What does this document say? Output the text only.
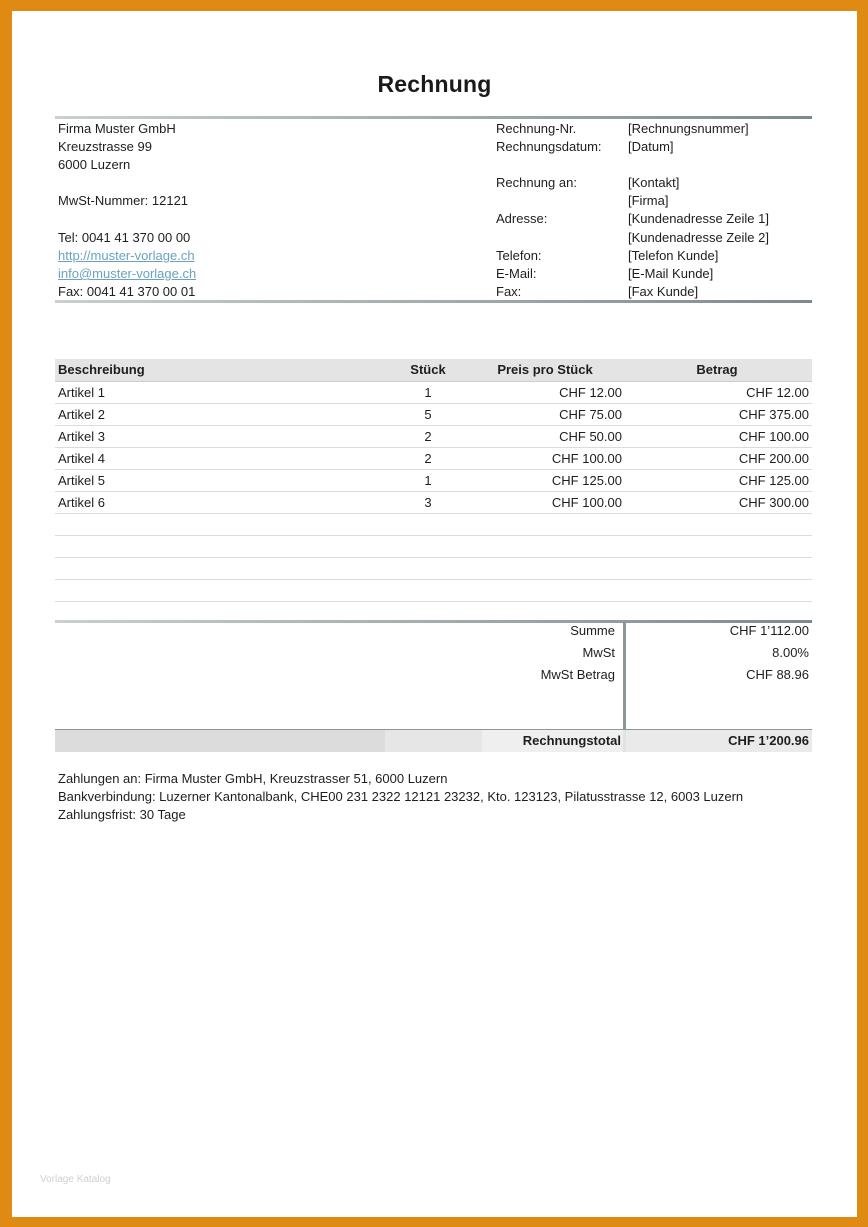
Rechnung
Firma Muster GmbH
Kreuzstrasse 99
6000 Luzern
MwSt-Nummer: 12121
Tel: 0041 41 370 00 00
http://muster-vorlage.ch
info@muster-vorlage.ch
Fax: 0041 41 370 00 01
Rechnung-Nr.	[Rechnungsnummer]
Rechnungsdatum: [Datum]
Rechnung an:	[Kontakt]
[Firma]
Adresse:	[Kundenadresse Zeile 1]
[Kundenadresse Zeile 2]
Telefon:	[Telefon Kunde]
E-Mail:	[E-Mail Kunde]
Fax:	[Fax Kunde]
Beschreibung	Stück	Preis pro Stück	Betrag
Artikel 1	1	CHF 12.00	CHF 12.00
Artikel 2	5	CHF 75.00	CHF 375.00
Artikel 3	2	CHF 50.00	CHF 100.00
Artikel 4	2	CHF 100.00	CHF 200.00
Artikel 5	1	CHF 125.00	CHF 125.00
Artikel 6	3	CHF 100.00	CHF 300.00
Summe	CHF 1’112.00
MwSt	8.00%
MwSt Betrag	CHF 88.96
Rechnungstotal	CHF 1’200.96
Zahlungen an: Firma Muster GmbH, Kreuzstrasser 51, 6000 Luzern
Bankverbindung: Luzerner Kantonalbank, CHE00 231 2322 12121 23232, Kto. 123123, Pilatusstrasse 12, 6003 Luzern
Zahlungsfrist: 30 Tage
Vorlage Katalog
